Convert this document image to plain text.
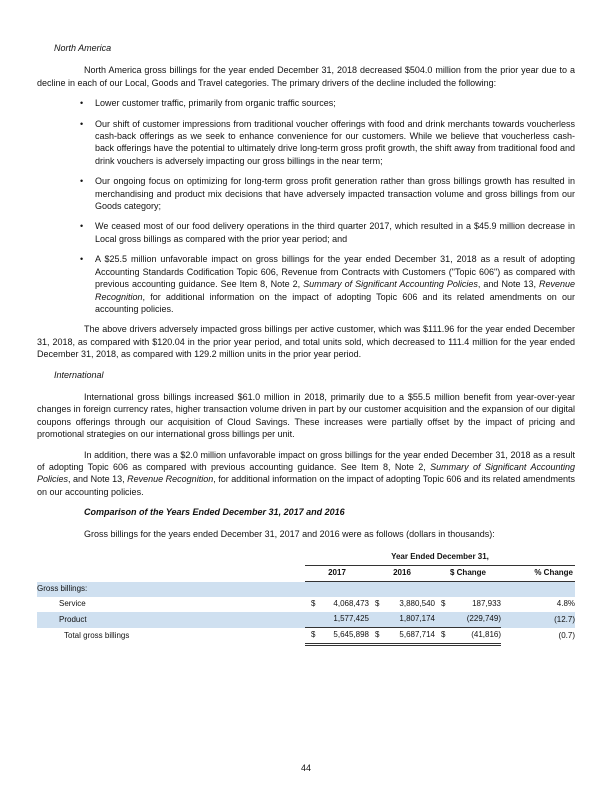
North America

North America gross billings for the year ended December 31, 2018 decreased $504.0 million from the prior year due to a decline in each of our Local, Goods and Travel categories. The primary drivers of the decline included the following:

• Lower customer traffic, primarily from organic traffic sources;
• Our shift of customer impressions from traditional voucher offerings with food and drink merchants towards voucherless cash-back offerings as we seek to enhance convenience for our customers. While we believe that voucherless cash-back offerings have the potential to ultimately drive long-term gross profit growth, the shift away from traditional food and drink vouchers is adversely impacting our gross billings in the near term;
• Our ongoing focus on optimizing for long-term gross profit generation rather than gross billings growth has resulted in merchandising and product mix decisions that have adversely impacted transaction volume and gross billings from our Goods category;
• We ceased most of our food delivery operations in the third quarter 2017, which resulted in a $45.9 million decrease in Local gross billings as compared with the prior year period; and
• A $25.5 million unfavorable impact on gross billings for the year ended December 31, 2018 as a result of adopting Accounting Standards Codification Topic 606, Revenue from Contracts with Customers ("Topic 606") as compared with previous accounting guidance. See Item 8, Note 2, Summary of Significant Accounting Policies, and Note 13, Revenue Recognition, for additional information on the impact of adopting Topic 606 and its related amendments on our accounting policies.

The above drivers adversely impacted gross billings per active customer, which was $111.96 for the year ended December 31, 2018, as compared with $120.04 in the prior year period, and total units sold, which decreased to 111.4 million for the year ended December 31, 2018, as compared with 129.2 million units in the prior year period.

International

International gross billings increased $61.0 million in 2018, primarily due to a $55.5 million benefit from year-over-year changes in foreign currency rates, higher transaction volume driven in part by our customer acquisition and the expansion of our digital coupons offerings through our acquisition of Cloud Savings. These increases were partially offset by the impact of pricing and promotional strategies on our international gross billings per unit.

In addition, there was a $2.0 million unfavorable impact on gross billings for the year ended December 31, 2018 as a result of adopting Topic 606 as compared with previous accounting guidance. See Item 8, Note 2, Summary of Significant Accounting Policies, and Note 13, Revenue Recognition, for additional information on the impact of adopting Topic 606 and its related amendments on our accounting policies.

Comparison of the Years Ended December 31, 2017 and 2016
Gross billings for the years ended December 31, 2017 and 2016 were as follows (dollars in thousands):
	Year Ended December 31,						
	2017		2016		$ Change		% Change
Gross billings:							
Service	$	4,068,473	$	3,880,540	$	187,933	4.8%
Product		1,577,425		1,807,174		(229,749)	(12.7)
Total gross billings	$	5,645,898	$	5,687,714	$	(41,816)	(0.7)
44
